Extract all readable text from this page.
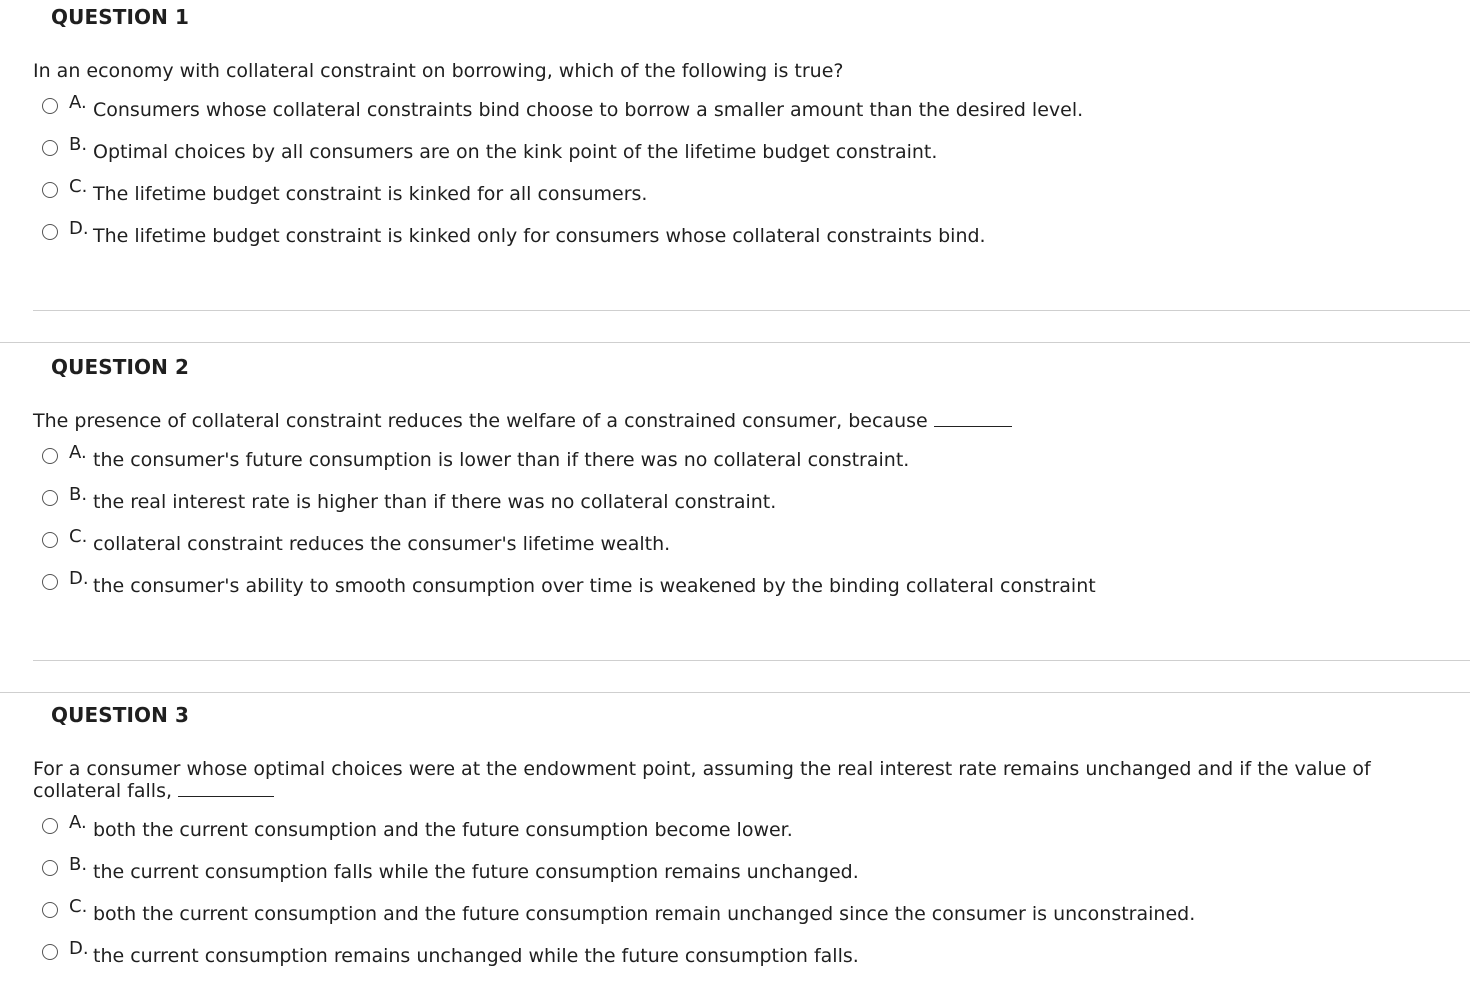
QUESTION 1

In an economy with collateral constraint on borrowing, which of the following is true?

A. Consumers whose collateral constraints bind choose to borrow a smaller amount than the desired level.
B. Optimal choices by all consumers are on the kink point of the lifetime budget constraint.
C. The lifetime budget constraint is kinked for all consumers.
D. The lifetime budget constraint is kinked only for consumers whose collateral constraints bind.
QUESTION 2

The presence of collateral constraint reduces the welfare of a constrained consumer, because

A. the consumer's future consumption is lower than if there was no collateral constraint.
B. the real interest rate is higher than if there was no collateral constraint.
C. collateral constraint reduces the consumer's lifetime wealth.
D. the consumer's ability to smooth consumption over time is weakened by the binding collateral constraint
QUESTION 3

For a consumer whose optimal choices were at the endowment point, assuming the real interest rate remains unchanged and if the value of collateral falls,

A. both the current consumption and the future consumption become lower.
B. the current consumption falls while the future consumption remains unchanged.
C. both the current consumption and the future consumption remain unchanged since the consumer is unconstrained.
D. the current consumption remains unchanged while the future consumption falls.
